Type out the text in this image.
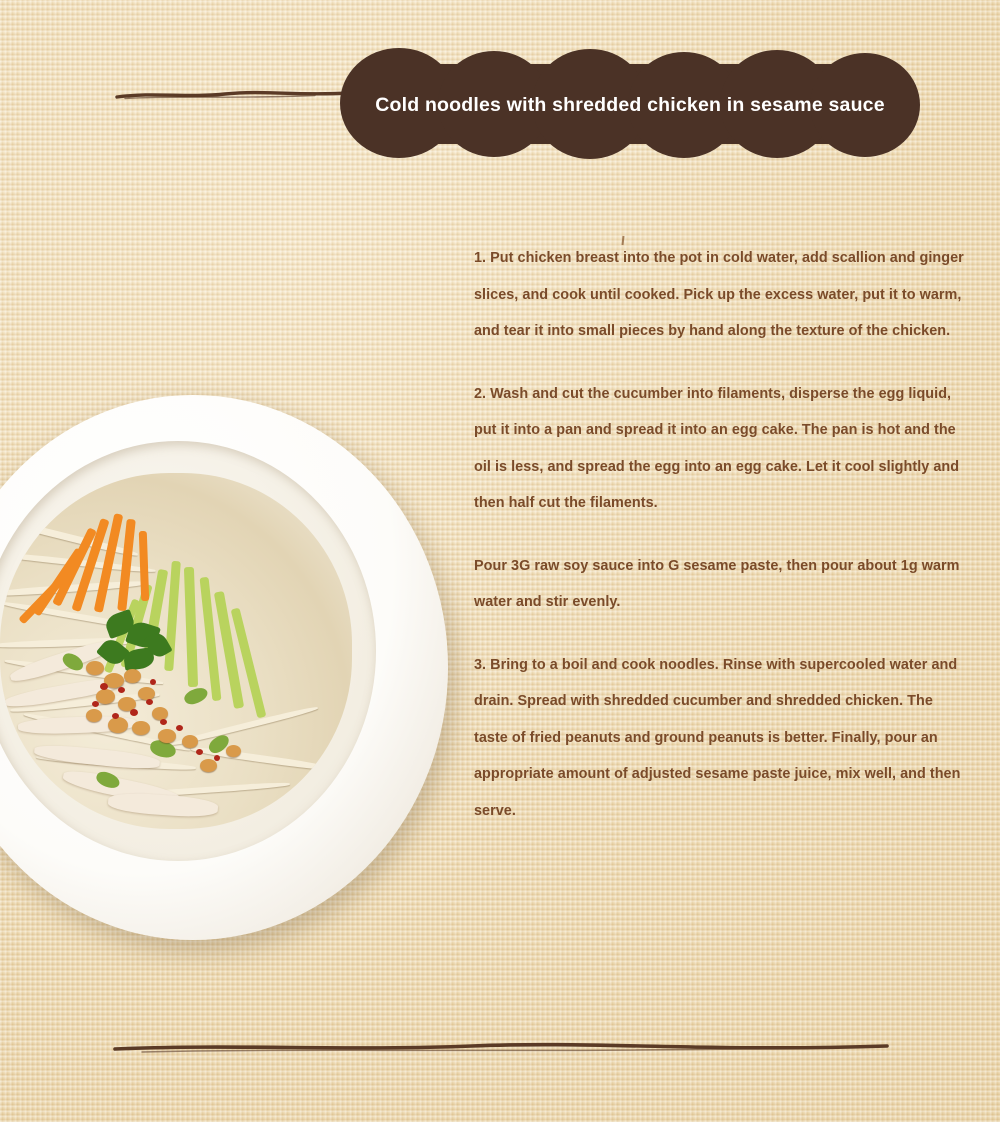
Cold noodles with shredded chicken in sesame sauce

1. Put chicken breast into the pot in cold water, add scallion and ginger slices, and cook until cooked. Pick up the excess water, put it to warm, and tear it into small pieces by hand along the texture of the chicken.

2. Wash and cut the cucumber into filaments, disperse the egg liquid, put it into a pan and spread it into an egg cake. The pan is hot and the oil is less, and spread the egg into an egg cake. Let it cool slightly and then half cut the filaments.

Pour 3G raw soy sauce into G sesame paste, then pour about 1g warm water and stir evenly.

3. Bring to a boil and cook noodles. Rinse with supercooled water and drain. Spread with shredded cucumber and shredded chicken. The taste of fried peanuts and ground peanuts is better. Finally, pour an appropriate amount of adjusted sesame paste juice, mix well, and then serve.
